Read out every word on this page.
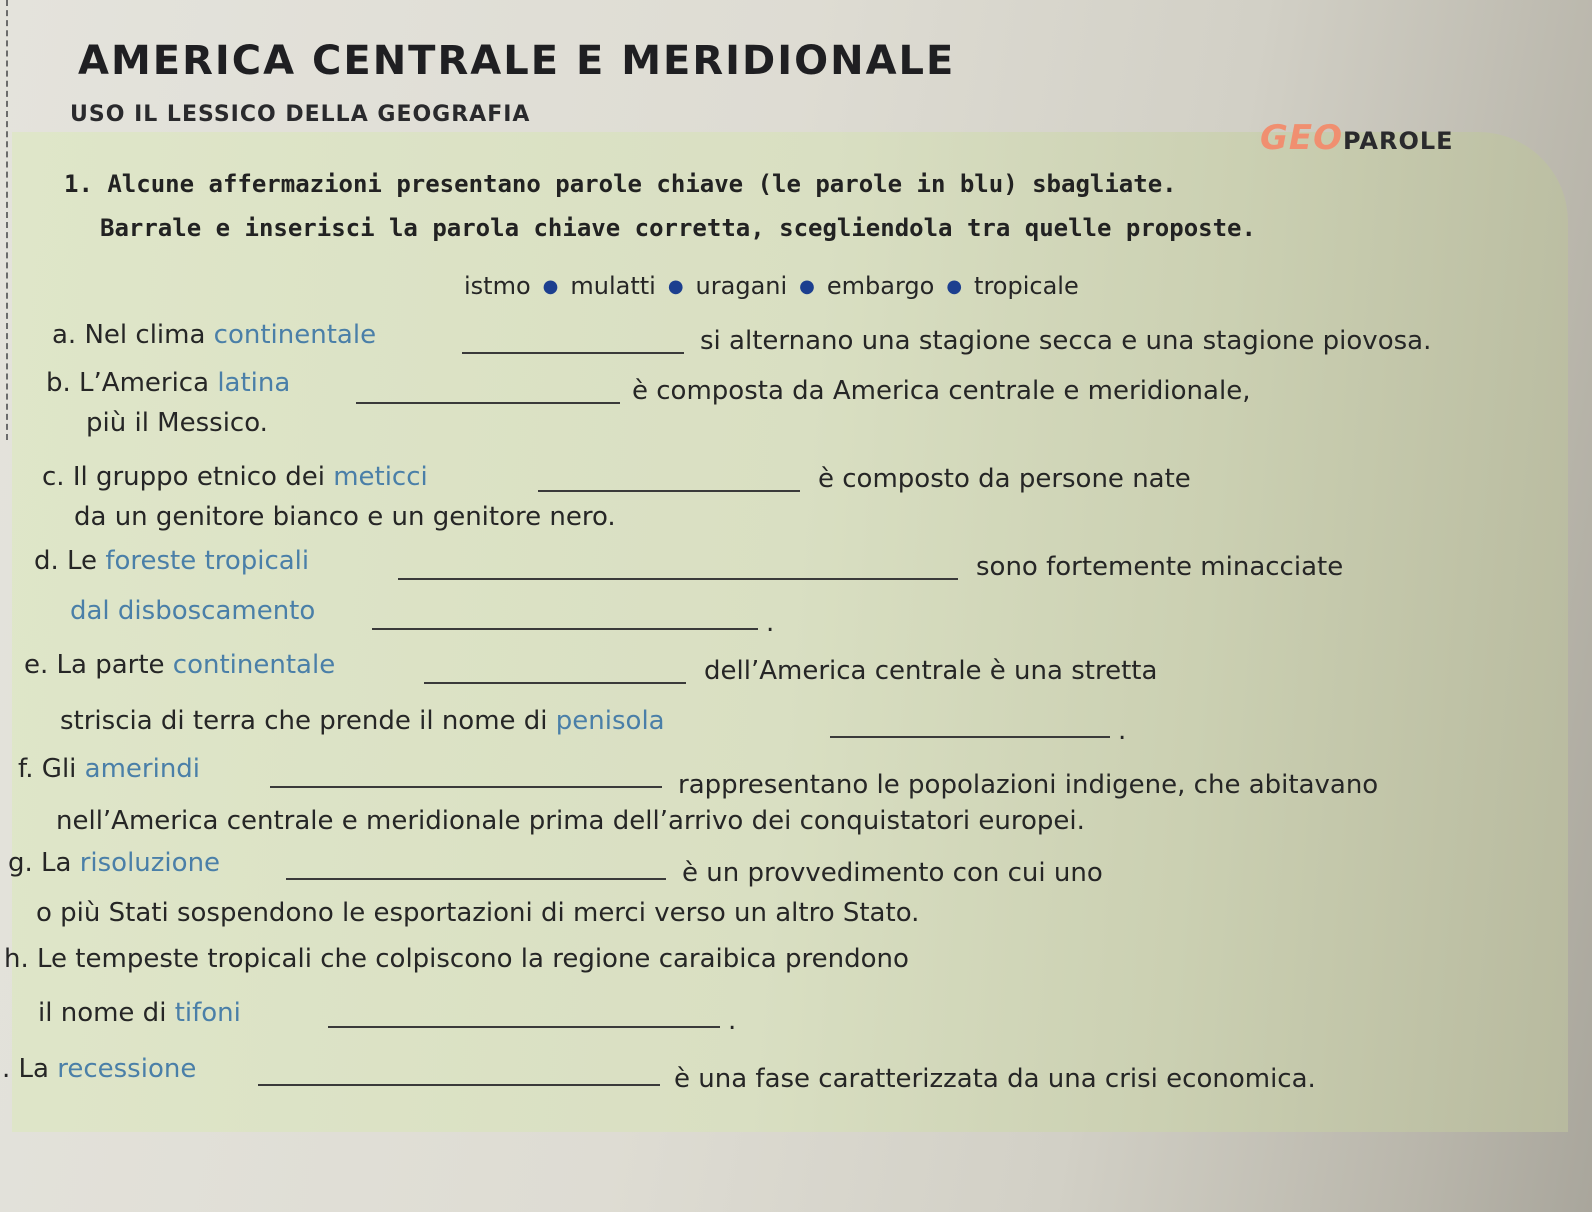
AMERICA CENTRALE E MERIDIONALE
USO IL LESSICO DELLA GEOGRAFIA
GEOPAROLE
1. Alcune affermazioni presentano parole chiave (le parole in blu) sbagliate.
Barrale e inserisci la parola chiave corretta, scegliendola tra quelle proposte.
istmo ● mulatti ● uragani ● embargo ● tropicale
a. Nel clima continentale	si alternano una stagione secca e una stagione piovosa.
b. L’America latina	è composta da America centrale e meridionale,
più il Messico.
c. Il gruppo etnico dei meticci	è composto da persone nate
da un genitore bianco e un genitore nero.
d. Le foreste tropicali	sono fortemente minacciate
dal disboscamento	.
e. La parte continentale	dell’America centrale è una stretta
striscia di terra che prende il nome di penisola	.
f. Gli amerindi
rappresentano le popolazioni indigene, che abitavano
nell’America centrale e meridionale prima dell’arrivo dei conquistatori europei.
g. La risoluzione	è un provvedimento con cui uno
o più Stati sospendono le esportazioni di merci verso un altro Stato.
h. Le tempeste tropicali che colpiscono la regione caraibica prendono
il nome di tifoni	.
. La recessione	è una fase caratterizzata da una crisi economica.
